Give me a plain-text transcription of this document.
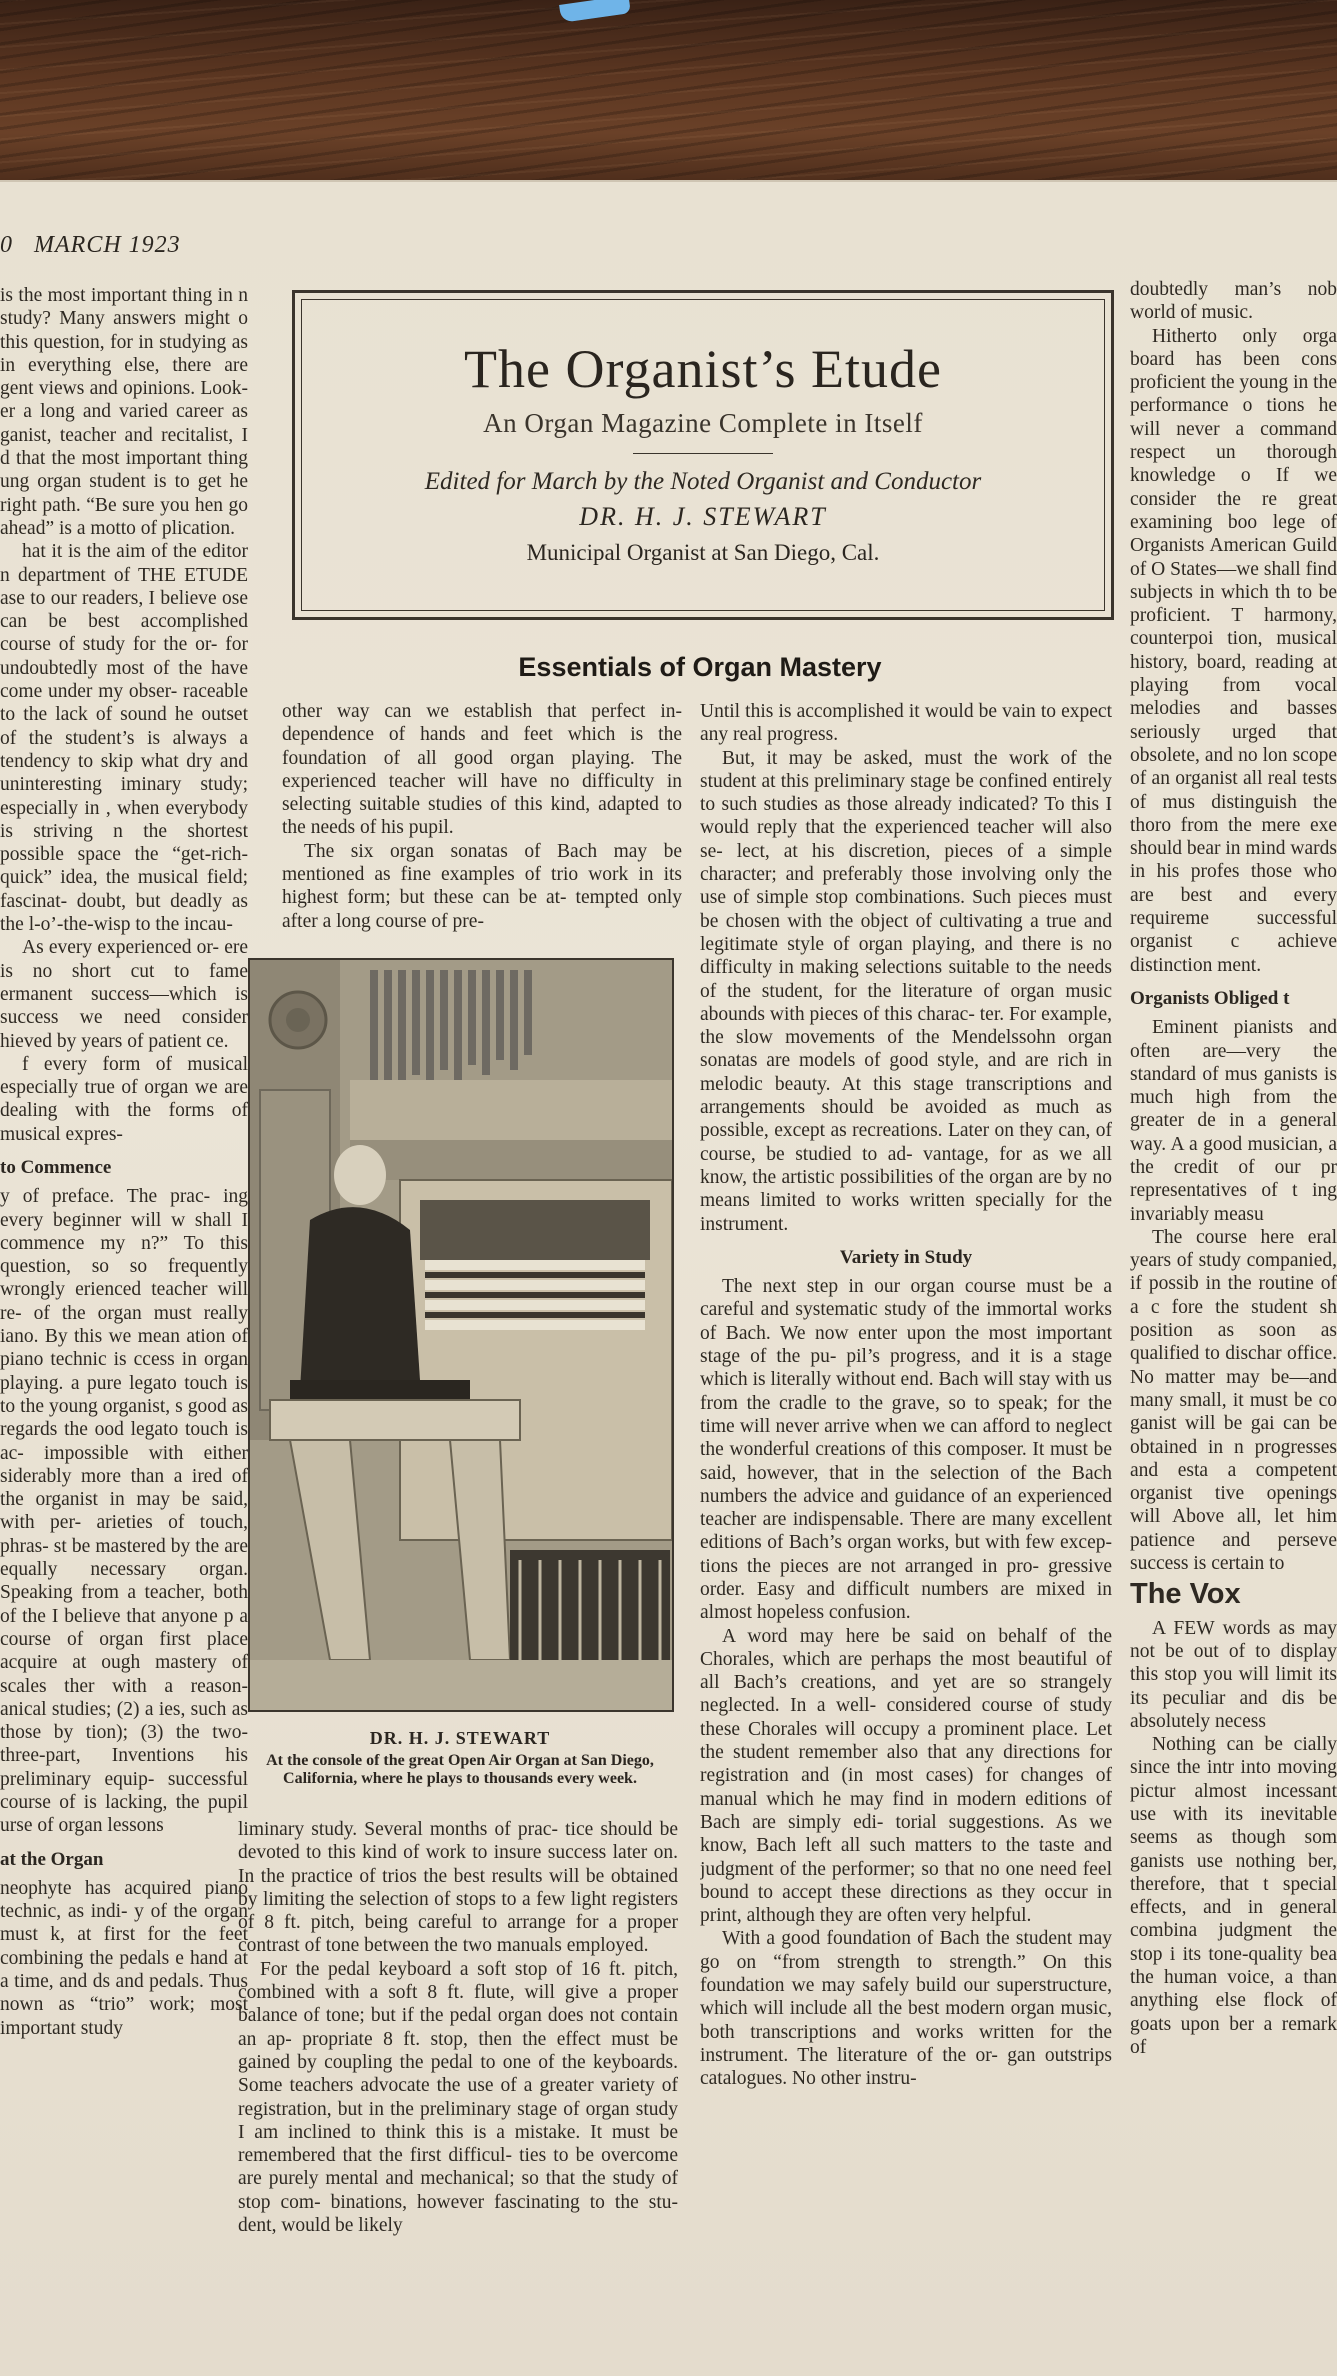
0 MARCH 1923

is the most important thing in n study? Many answers might o this question, for in studying as in everything else, there are gent views and opinions. Look- er a long and varied career as ganist, teacher and recitalist, I d that the most important thing ung organ student is to get he right path. “Be sure you hen go ahead” is a motto of plication.

hat it is the aim of the editor n department of THE ETUDE ase to our readers, I believe ose can be best accomplished course of study for the or- for undoubtedly most of the have come under my obser- raceable to the lack of sound he outset of the student’s is always a tendency to skip what dry and uninteresting iminary study; especially in , when everybody is striving n the shortest possible space the “get-rich-quick” idea, the musical field; fascinat- doubt, but deadly as the l-o’-the-wisp to the incau-

As every experienced or- ere is no short cut to fame ermanent success—which is success we need consider hieved by years of patient ce.

f every form of musical especially true of organ we are dealing with the forms of musical expres-

to Commence

y of preface. The prac- ing every beginner will w shall I commence my n?” To this question, so so frequently wrongly erienced teacher will re- of the organ must really iano. By this we mean ation of piano technic is ccess in organ playing. a pure legato touch is to the young organist, s good as regards the ood legato touch is ac- impossible with either siderably more than a ired of the organist in may be said, with per- arieties of touch, phras- st be mastered by the are equally necessary organ. Speaking from a teacher, both of the I believe that anyone p a course of organ first place acquire at ough mastery of scales ther with a reason- anical studies; (2) a ies, such as those by tion); (3) the two- three-part, Inventions his preliminary equip- successful course of is lacking, the pupil urse of organ lessons

at the Organ

neophyte has acquired piano technic, as indi- y of the organ must k, at first for the feet combining the pedals e hand at a time, and ds and pedals. Thus nown as “trio” work; most important study

The Organist’s Etude
An Organ Magazine Complete in Itself
Edited for March by the Noted Organist and Conductor
DR. H. J. STEWART
Municipal Organist at San Diego, Cal.
Essentials of Organ Mastery

other way can we establish that perfect in- dependence of hands and feet which is the foundation of all good organ playing. The experienced teacher will have no difficulty in selecting suitable studies of this kind, adapted to the needs of his pupil.

The six organ sonatas of Bach may be mentioned as fine examples of trio work in its highest form; but these can be at- tempted only after a long course of pre-

DR. H. J. STEWART
At the console of the great Open Air Organ at San Diego, California, where he plays to thousands every week.

liminary study. Several months of prac- tice should be devoted to this kind of work to insure success later on. In the practice of trios the best results will be obtained by limiting the selection of stops to a few light registers of 8 ft. pitch, being careful to arrange for a proper contrast of tone between the two manuals employed.

For the pedal keyboard a soft stop of 16 ft. pitch, combined with a soft 8 ft. flute, will give a proper balance of tone; but if the pedal organ does not contain an ap- propriate 8 ft. stop, then the effect must be gained by coupling the pedal to one of the keyboards. Some teachers advocate the use of a greater variety of registration, but in the preliminary stage of organ study I am inclined to think this is a mistake. It must be remembered that the first difficul- ties to be overcome are purely mental and mechanical; so that the study of stop com- binations, however fascinating to the stu- dent, would be likely

Until this is accomplished it would be vain to expect any real progress.

But, it may be asked, must the work of the student at this preliminary stage be confined entirely to such studies as those already indicated? To this I would reply that the experienced teacher will also se- lect, at his discretion, pieces of a simple character; and preferably those involving only the use of simple stop combinations. Such pieces must be chosen with the object of cultivating a true and legitimate style of organ playing, and there is no difficulty in making selections suitable to the needs of the student, for the literature of organ music abounds with pieces of this charac- ter. For example, the slow movements of the Mendelssohn organ sonatas are models of good style, and are rich in melodic beauty. At this stage transcriptions and arrangements should be avoided as much as possible, except as recreations. Later on they can, of course, be studied to ad- vantage, for as we all know, the artistic possibilities of the organ are by no means limited to works written specially for the instrument.

Variety in Study

The next step in our organ course must be a careful and systematic study of the immortal works of Bach. We now enter upon the most important stage of the pu- pil’s progress, and it is a stage which is literally without end. Bach will stay with us from the cradle to the grave, so to speak; for the time will never arrive when we can afford to neglect the wonderful creations of this composer. It must be said, however, that in the selection of the Bach numbers the advice and guidance of an experienced teacher are indispensable. There are many excellent editions of Bach’s organ works, but with few excep- tions the pieces are not arranged in pro- gressive order. Easy and difficult numbers are mixed in almost hopeless confusion.

A word may here be said on behalf of the Chorales, which are perhaps the most beautiful of all Bach’s creations, and yet are so strangely neglected. In a well- considered course of study these Chorales will occupy a prominent place. Let the student remember also that any directions for registration and (in most cases) for changes of manual which he may find in modern editions of Bach are simply edi- torial suggestions. As we know, Bach left all such matters to the taste and judgment of the performer; so that no one need feel bound to accept these directions as they occur in print, although they are often very helpful.

With a good foundation of Bach the student may go on “from strength to strength.” On this foundation we may safely build our superstructure, which will include all the best modern organ music, both transcriptions and works written for the instrument. The literature of the or- gan outstrips catalogues. No other instru-

doubtedly man’s nob world of music.

Hitherto only orga board has been cons proficient the young in the performance o tions he will never a command respect un thorough knowledge o If we consider the re great examining boo lege of Organists American Guild of O States—we shall find subjects in which th to be proficient. T harmony, counterpoi tion, musical history, board, reading at playing from vocal melodies and basses seriously urged that obsolete, and no lon scope of an organist all real tests of mus distinguish the thoro from the mere exe should bear in mind wards in his profes those who are best and every requireme successful organist c achieve distinction ment.

Organists Obliged t

Eminent pianists and often are—very the standard of mus ganists is much high from the greater de in a general way. A a good musician, a the credit of our pr representatives of t ing invariably measu

The course here eral years of study companied, if possib in the routine of a c fore the student sh position as soon as qualified to dischar office. No matter may be—and many small, it must be co ganist will be gai can be obtained in n progresses and esta a competent organist tive openings will Above all, let him patience and perseve success is certain to

The Vox

A FEW words as may not be out of to display this stop you will limit its its peculiar and dis be absolutely necess

Nothing can be cially since the intr into moving pictur almost incessant use with its inevitable seems as though som ganists use nothing ber, therefore, that t special effects, and in general combina judgment the stop i its tone-quality bea the human voice, a than anything else flock of goats upon ber a remark of
